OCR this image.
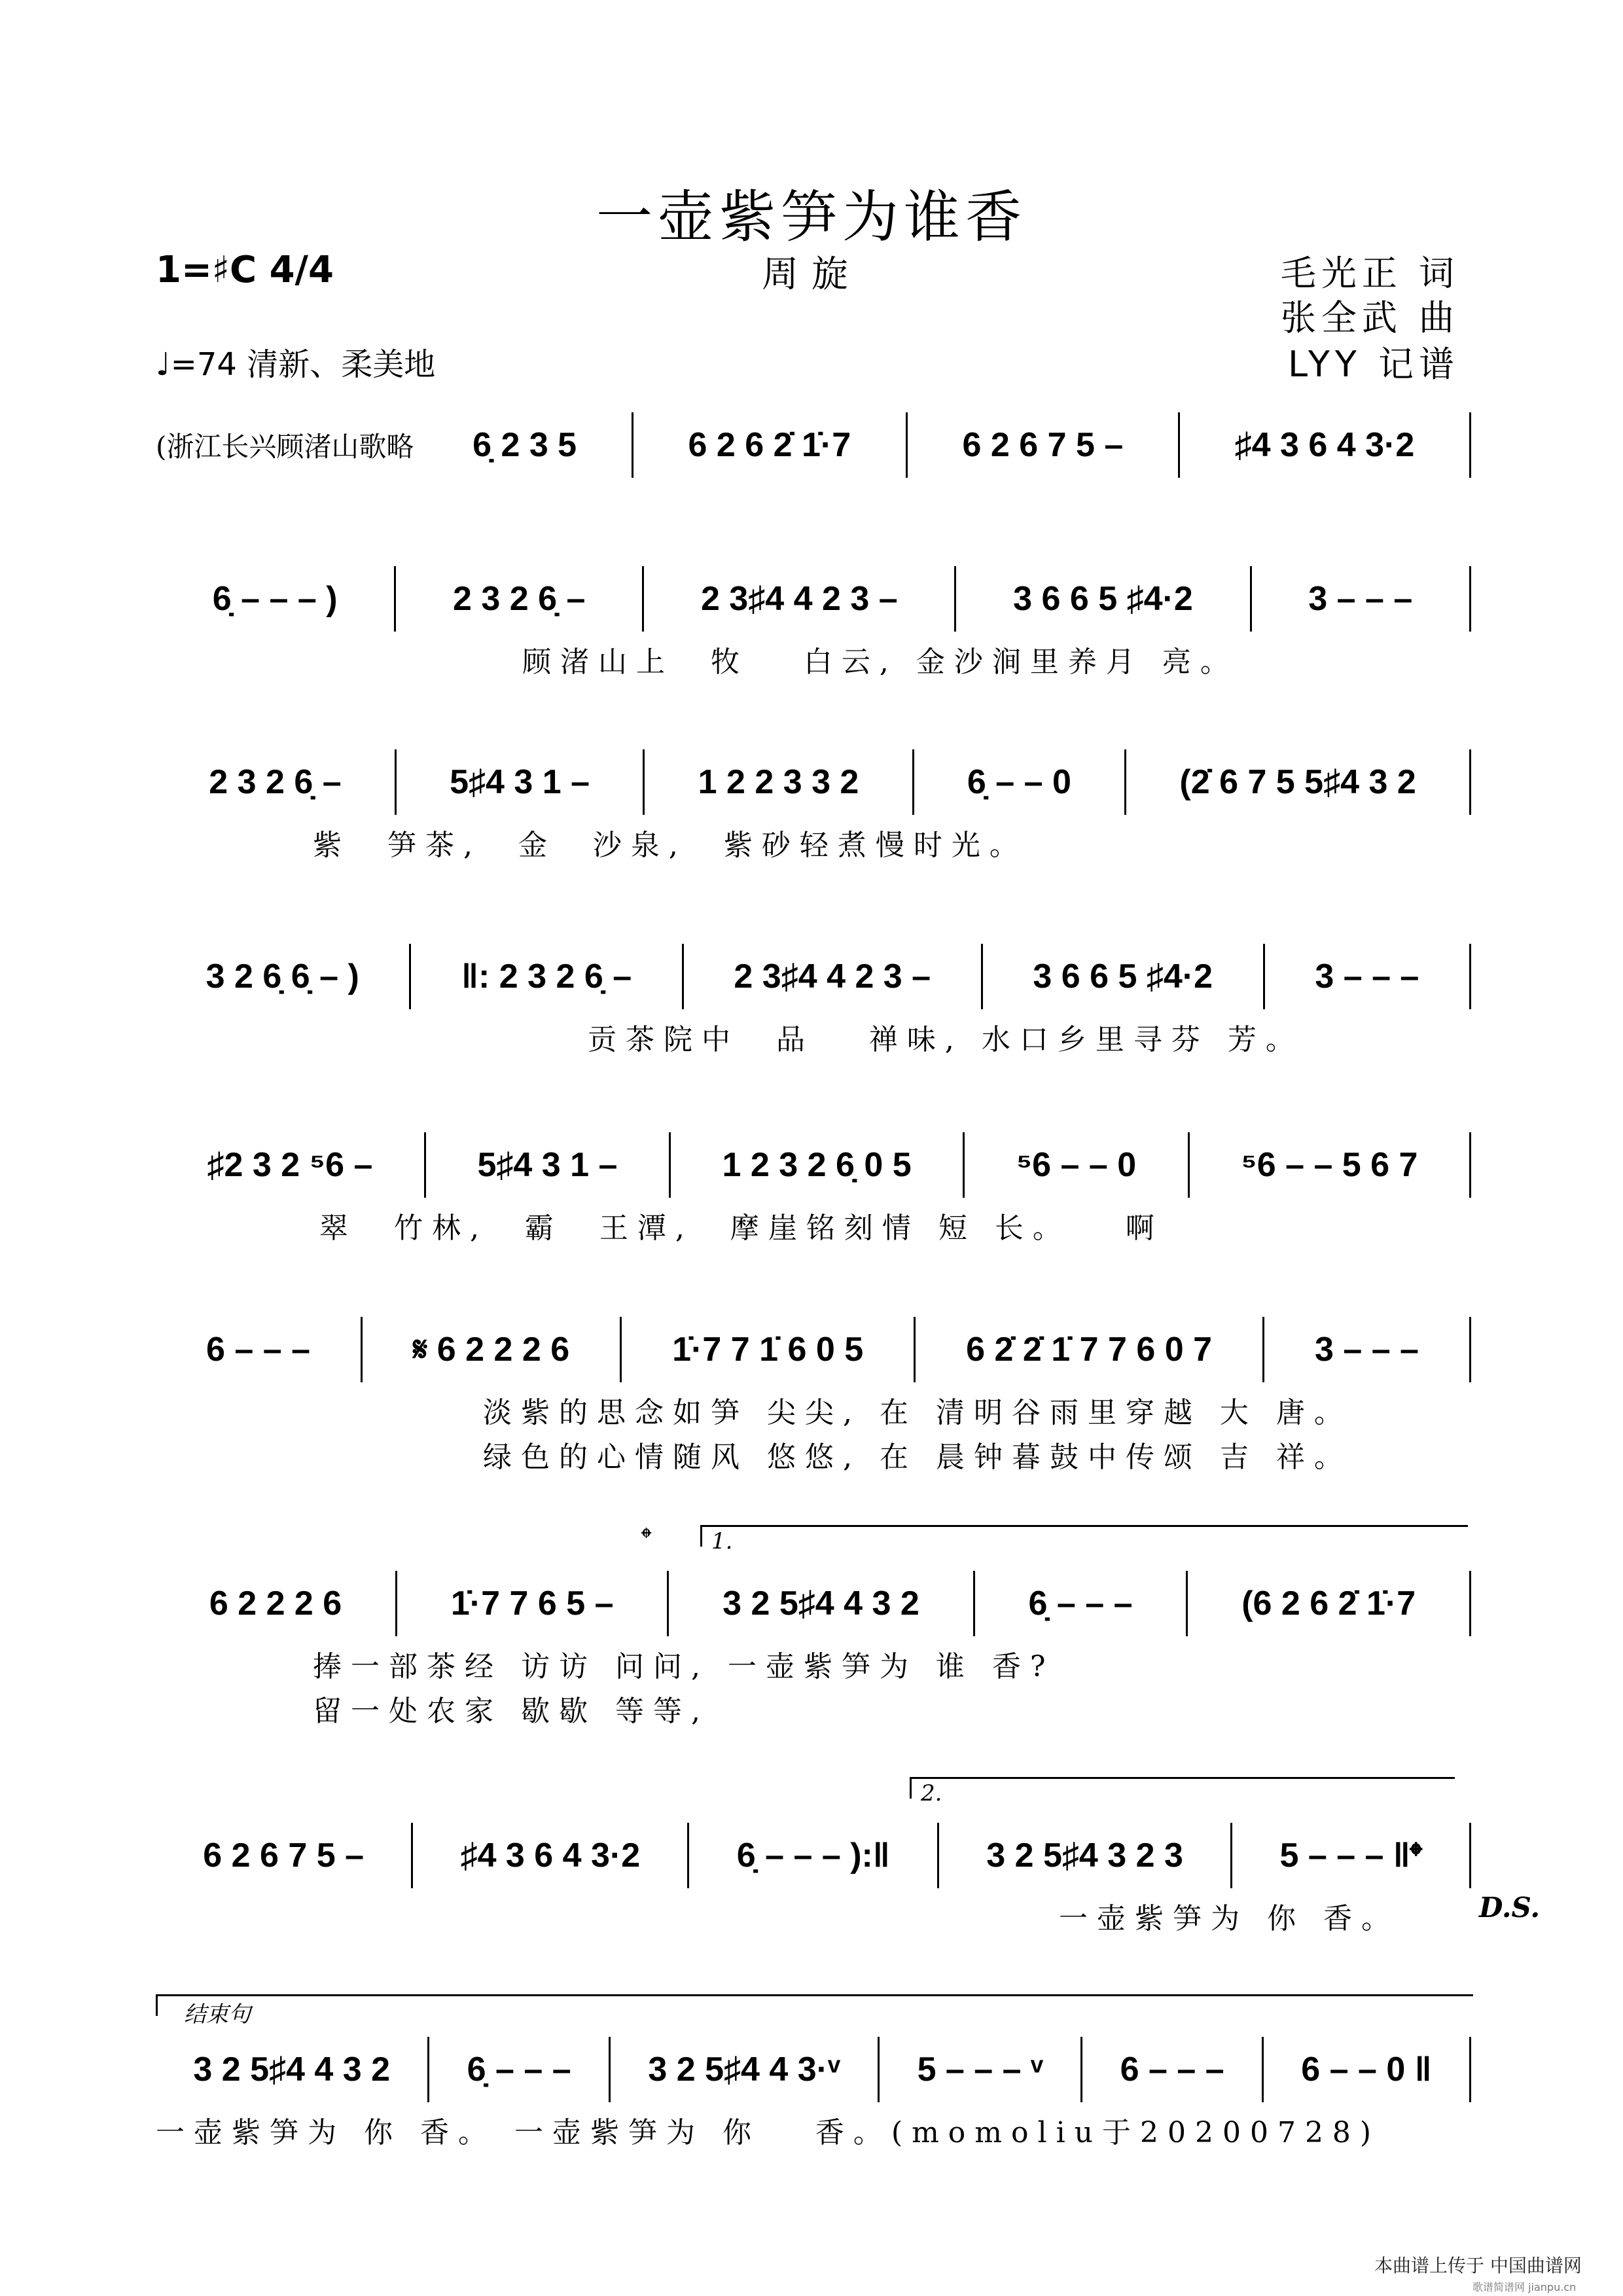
一壶紫笋为谁香
1=♯C 4/4	周旋	毛光正 词
张全武 曲
LYY 记谱
♩=74 清新、柔美地
(浙江长兴顾渚山歌略	6̣ 2 3 5	6 2 6 2̇ 1̇·7	6 2 6 7 5 –	♯4 3 6 4 3·2
6̣ – – – )	2 3 2 6̣ –	2 3♯4 4 2 3 –	3 6 6 5 ♯4·2	3 – – –
顾渚山上  牧   白云, 金沙涧里养月 亮。
2 3 2 6̣ –	5♯4 3 1 –	1 2 2 3 3 2	6̣ – – 0	(2̇ 6 7 5 5♯4 3 2
紫  笋茶,  金  沙泉,  紫砂轻煮慢时光。
3 2 6̣ 6̣ – )	‖: 2 3 2 6̣ –	2 3♯4 4 2 3 –	3 6 6 5 ♯4·2	3 – – –
贡茶院中  品   禅味, 水口乡里寻芬 芳。
♯2 3 2 ⁵6 –	5♯4 3 1 –	1 2 3 2 6̣ 0 5	⁵6 – – 0	⁵6 – – 5 6 7
翠  竹林,  霸  王潭,  摩崖铭刻情 短 长。   啊
6 – – –	𝄋 6 2 2 2 6	1̇·7 7 1̇ 6 0 5	6 2̇ 2̇ 1̇ 7 7 6 0 7	3 – – –
淡紫的思念如笋 尖尖, 在 清明谷雨里穿越 大 唐。
绿色的心情随风 悠悠, 在 晨钟暮鼓中传颂 吉 祥。
6 2 2 2 6	1̇·7 7 6 5 –	3 2 5♯4 4 3 2	6̣ – – –	(6 2 6 2̇ 1̇·7
捧一部茶经 访访 问问, 一壶紫笋为 谁 香?
留一处农家 歇歇 等等,
1.
𝄌
6 2 6 7 5 –	♯4 3 6 4 3·2	6̣ – – – ):‖	3 2 5♯4 3 2 3	5 – – – ‖𝄌
一壶紫笋为 你 香。
2.
D.S.
3 2 5♯4 4 3 2	6̣ – – –	3 2 5♯4 4 3·ᵛ	5 – – – ᵛ	6 – – –	6 – – 0 ‖
一壶紫笋为 你 香。 一壶紫笋为 你   香。(momoliu于20200728)
结束句
本曲谱上传于 中国曲谱网
歌谱简谱网 jianpu.cn
